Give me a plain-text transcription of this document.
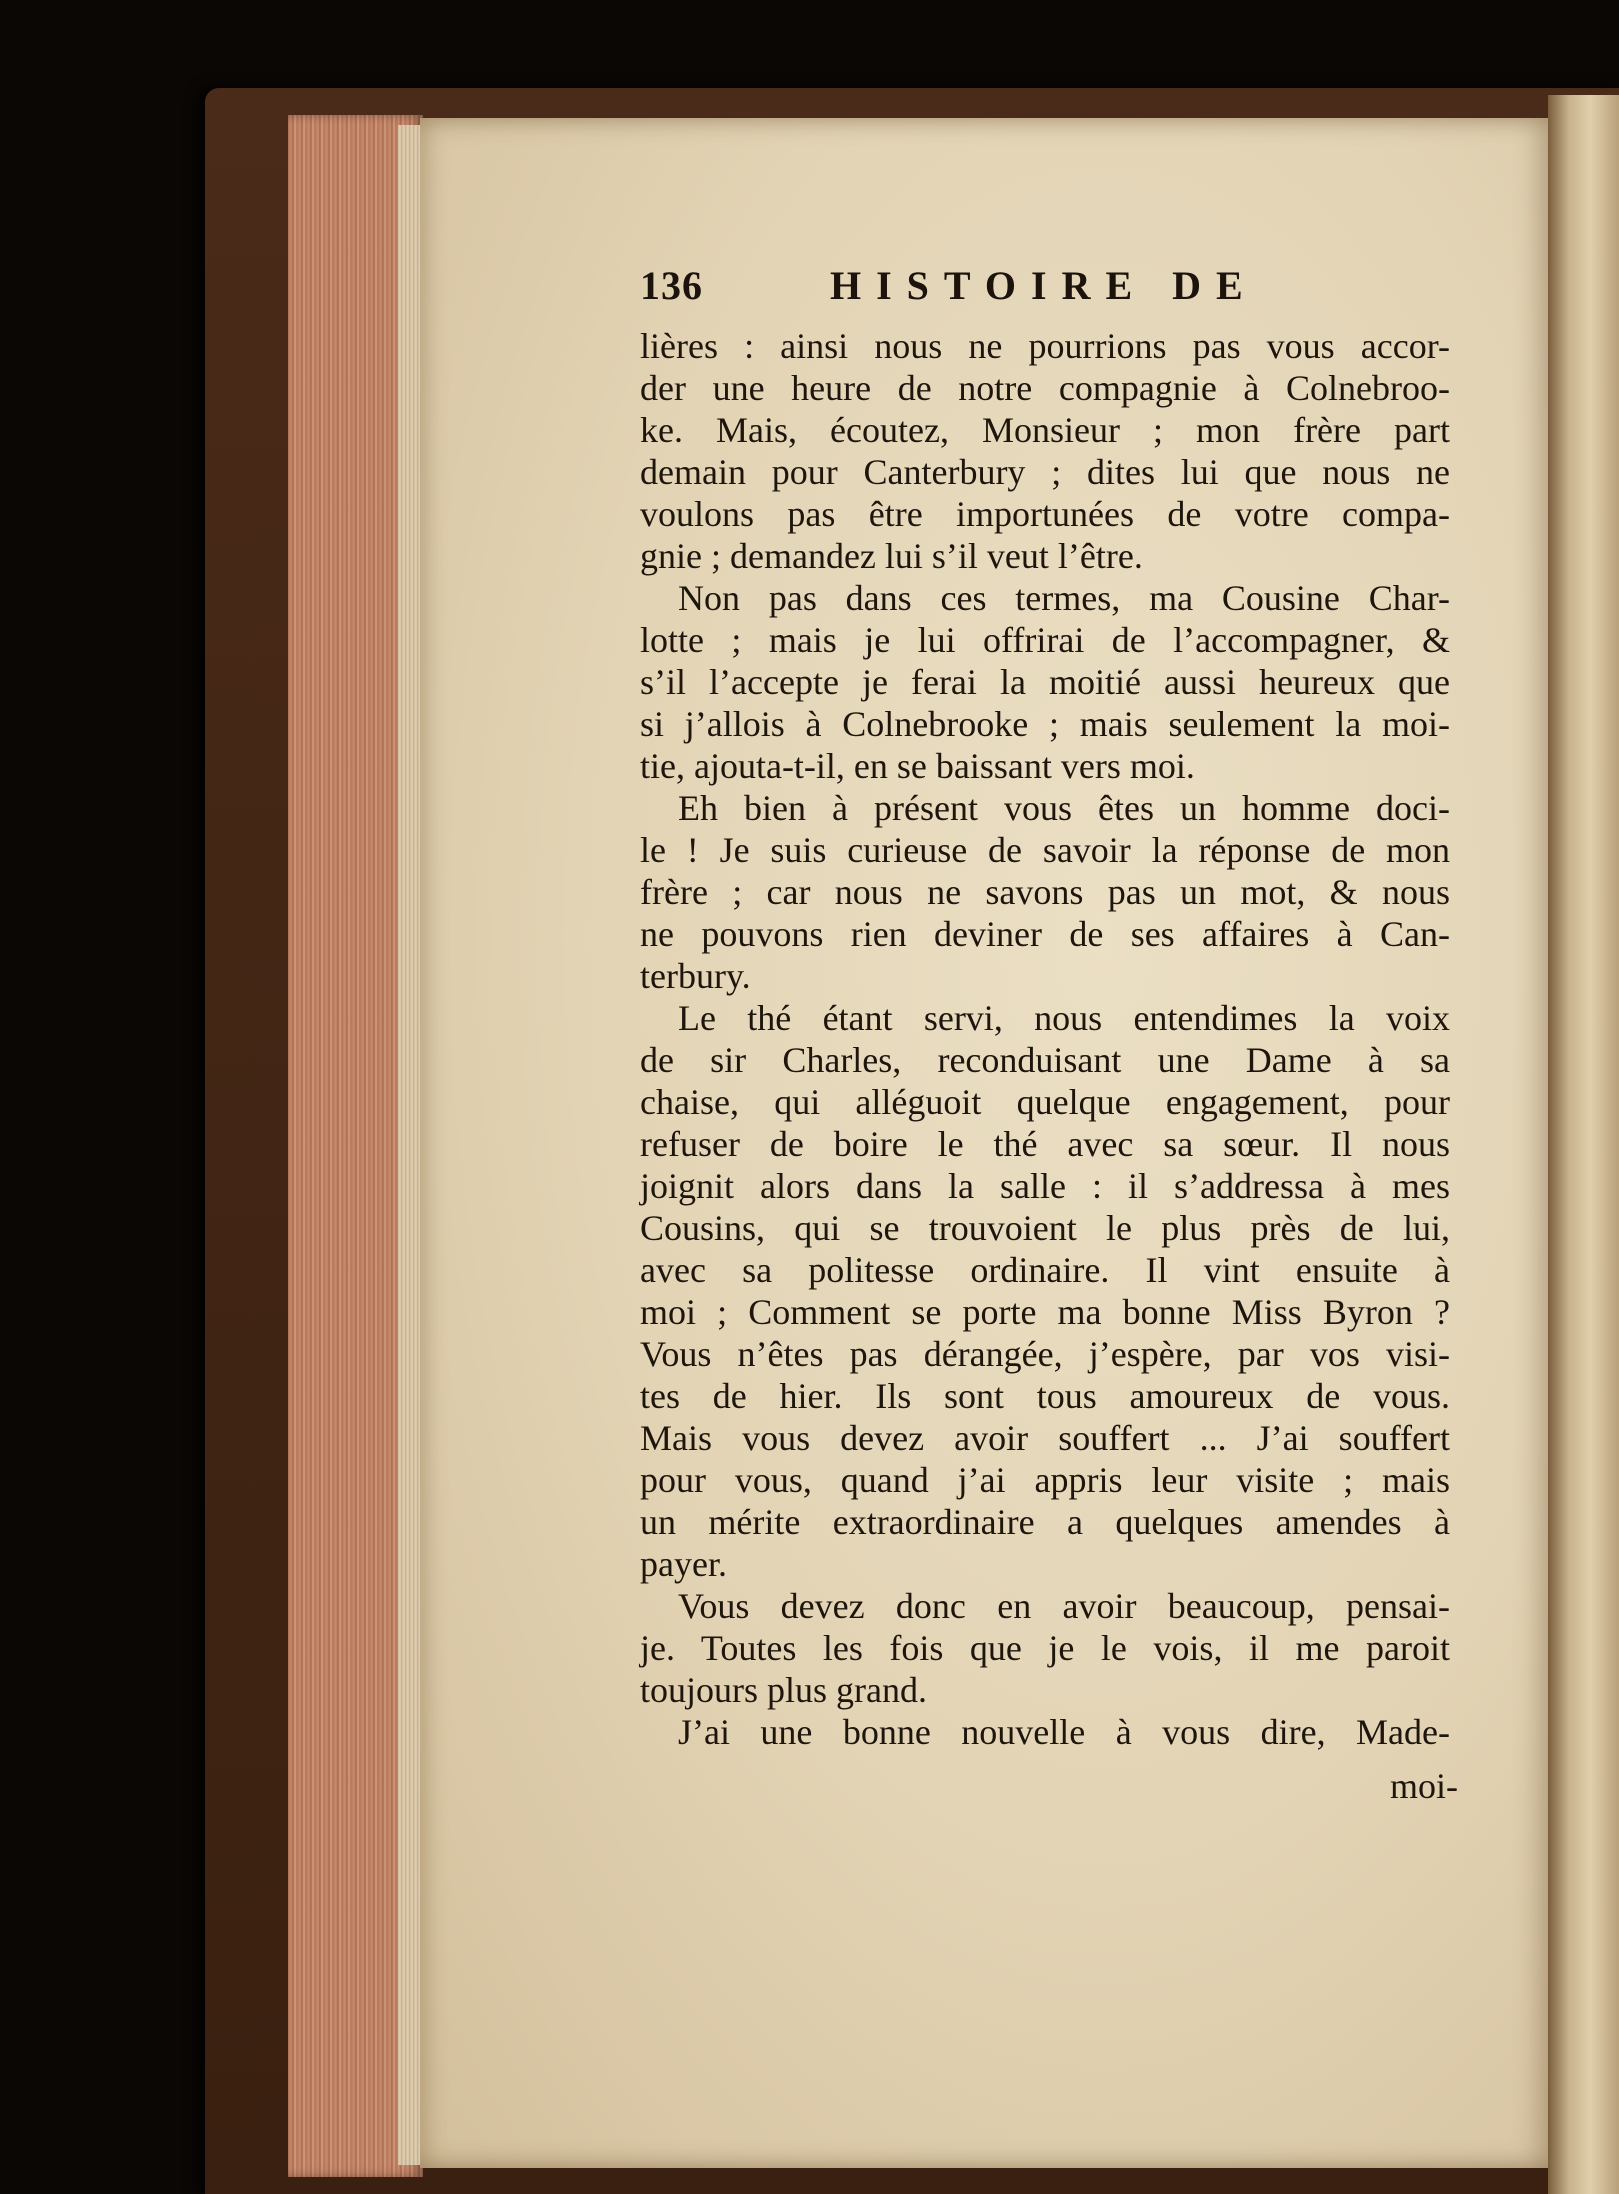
136	HISTOIRE DE
lières : ainsi nous ne pourrions pas vous accor-
der une heure de notre compagnie à Colnebroo-
ke. Mais, écoutez, Monsieur ; mon frère part
demain pour Canterbury ; dites lui que nous ne
voulons pas être importunées de votre compa-
gnie ; demandez lui s’il veut l’être.
Non pas dans ces termes, ma Cousine Char-
lotte ; mais je lui offrirai de l’accompagner, &
s’il l’accepte je ferai la moitié aussi heureux que
si j’allois à Colnebrooke ; mais seulement la moi-
tie, ajouta-t-il, en se baissant vers moi.
Eh bien à présent vous êtes un homme doci-
le ! Je suis curieuse de savoir la réponse de mon
frère ; car nous ne savons pas un mot, & nous
ne pouvons rien deviner de ses affaires à Can-
terbury.
Le thé étant servi, nous entendimes la voix
de sir Charles, reconduisant une Dame à sa
chaise, qui alléguoit quelque engagement, pour
refuser de boire le thé avec sa sœur. Il nous
joignit alors dans la salle : il s’addressa à mes
Cousins, qui se trouvoient le plus près de lui,
avec sa politesse ordinaire. Il vint ensuite à
moi ; Comment se porte ma bonne Miss Byron ?
Vous n’êtes pas dérangée, j’espère, par vos visi-
tes de hier. Ils sont tous amoureux de vous.
Mais vous devez avoir souffert ... J’ai souffert
pour vous, quand j’ai appris leur visite ; mais
un mérite extraordinaire a quelques amendes à
payer.
Vous devez donc en avoir beaucoup, pensai-
je. Toutes les fois que je le vois, il me paroit
toujours plus grand.
J’ai une bonne nouvelle à vous dire, Made-
moi-
